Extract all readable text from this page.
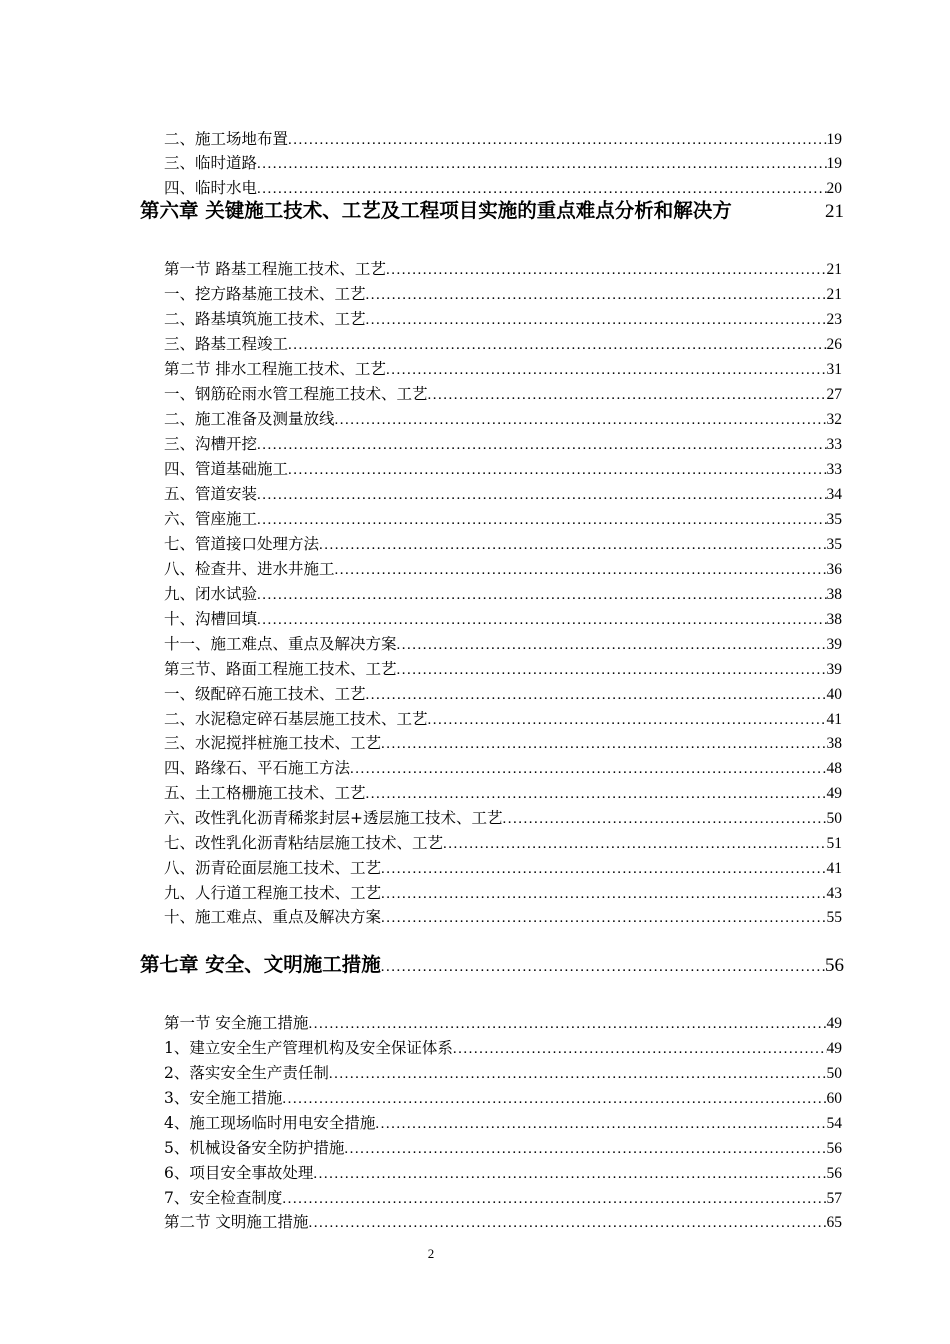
二、施工场地布置 .....	19
三、临时道路 .....	19
四、临时水电 .....	20
第六章 关键施工技术、工艺及工程项目实施的重点难点分析和解决方	21
第一节 路基工程施工技术、工艺 .....	21
一、挖方路基施工技术、工艺 .....	21
二、路基填筑施工技术、工艺 .....	23
三、路基工程竣工 .....	26
第二节 排水工程施工技术、工艺 .....	31
一、钢筋砼雨水管工程施工技术、工艺 .....	27
二、施工准备及测量放线 .....	32
三、沟槽开挖 .....	33
四、管道基础施工 .....	33
五、管道安装 .....	34
六、管座施工 .....	35
七、管道接口处理方法 .....	35
八、检查井、进水井施工 .....	36
九、闭水试验 .....	38
十、沟槽回填 .....	38
十一、施工难点、重点及解决方案 .....	39
第三节、路面工程施工技术、工艺 .....	39
一、级配碎石施工技术、工艺 .....	40
二、水泥稳定碎石基层施工技术、工艺 .....	41
三、水泥搅拌桩施工技术、工艺 .....	38
四、路缘石、平石施工方法 .....	48
五、土工格栅施工技术、工艺 .....	49
六、改性乳化沥青稀浆封层+透层施工技术、工艺 .....	50
七、改性乳化沥青粘结层施工技术、工艺 .....	51
八、沥青砼面层施工技术、工艺 .....	41
九、人行道工程施工技术、工艺 .....	43
十、施工难点、重点及解决方案 .....	55
第七章 安全、文明施工措施 .....	56
第一节 安全施工措施 .....	49
1、建立安全生产管理机构及安全保证体系 .....	49
2、落实安全生产责任制 .....	50
3、安全施工措施 .....	60
4、施工现场临时用电安全措施 .....	54
5、机械设备安全防护措施 .....	56
6、项目安全事故处理 .....	56
7、安全检查制度 .....	57
第二节 文明施工措施 .....	65
2
